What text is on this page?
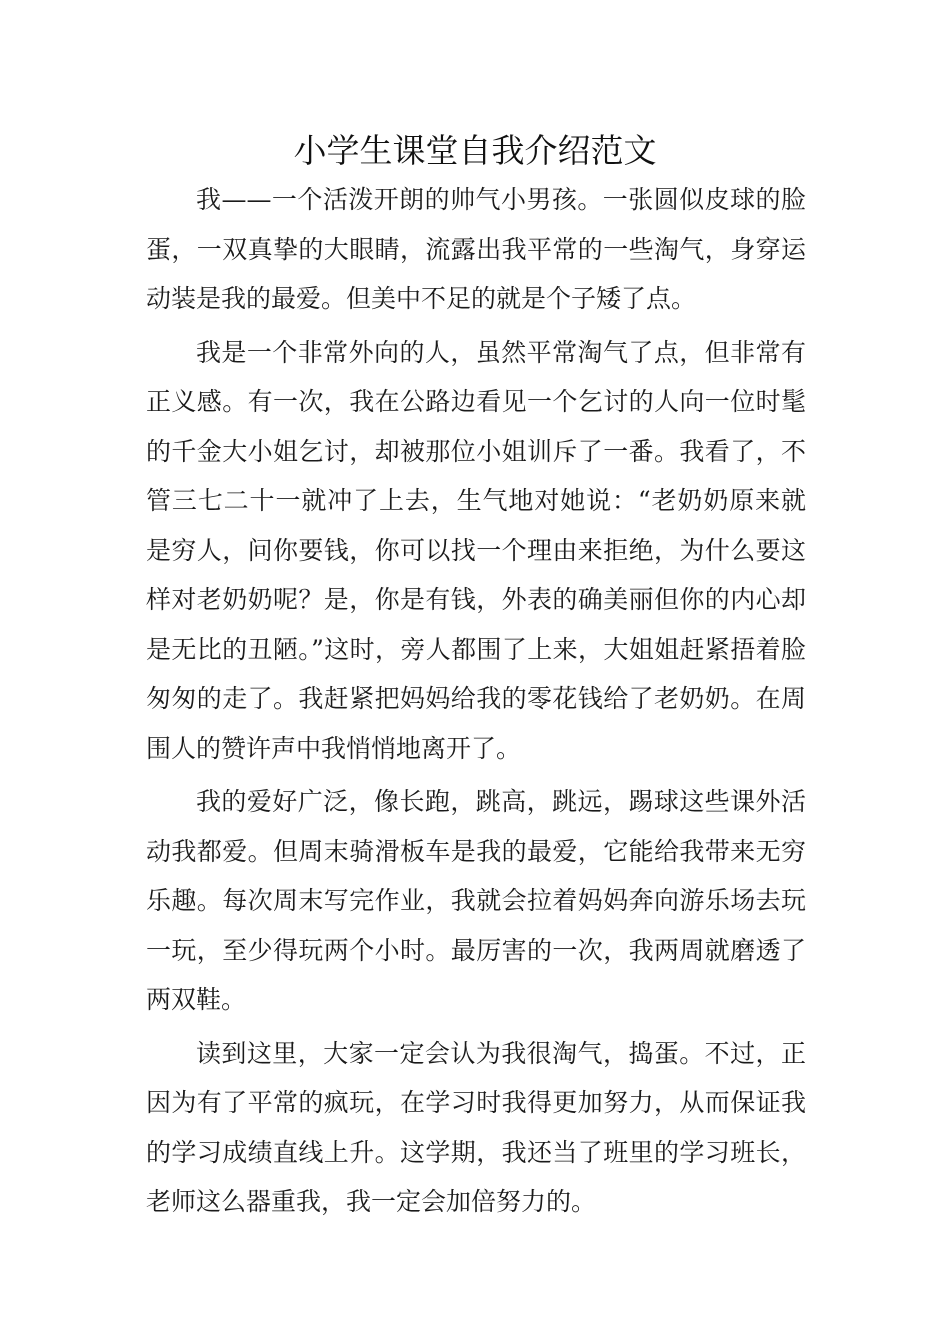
小学生课堂自我介绍范文

我——一个活泼开朗的帅气小男孩。一张圆似皮球的脸蛋，一双真挚的大眼睛，流露出我平常的一些淘气，身穿运动装是我的最爱。但美中不足的就是个子矮了点。

我是一个非常外向的人，虽然平常淘气了点，但非常有正义感。有一次，我在公路边看见一个乞讨的人向一位时髦的千金大小姐乞讨，却被那位小姐训斥了一番。我看了，不管三七二十一就冲了上去，生气地对她说：“老奶奶原来就是穷人，问你要钱，你可以找一个理由来拒绝，为什么要这样对老奶奶呢？是，你是有钱，外表的确美丽但你的内心却是无比的丑陋。”这时，旁人都围了上来，大姐姐赶紧捂着脸匆匆的走了。我赶紧把妈妈给我的零花钱给了老奶奶。在周围人的赞许声中我悄悄地离开了。

我的爱好广泛，像长跑，跳高，跳远，踢球这些课外活动我都爱。但周末骑滑板车是我的最爱，它能给我带来无穷乐趣。每次周末写完作业，我就会拉着妈妈奔向游乐场去玩一玩，至少得玩两个小时。最厉害的一次，我两周就磨透了两双鞋。

读到这里，大家一定会认为我很淘气，捣蛋。不过，正因为有了平常的疯玩，在学习时我得更加努力，从而保证我的学习成绩直线上升。这学期，我还当了班里的学习班长，老师这么器重我，我一定会加倍努力的。
